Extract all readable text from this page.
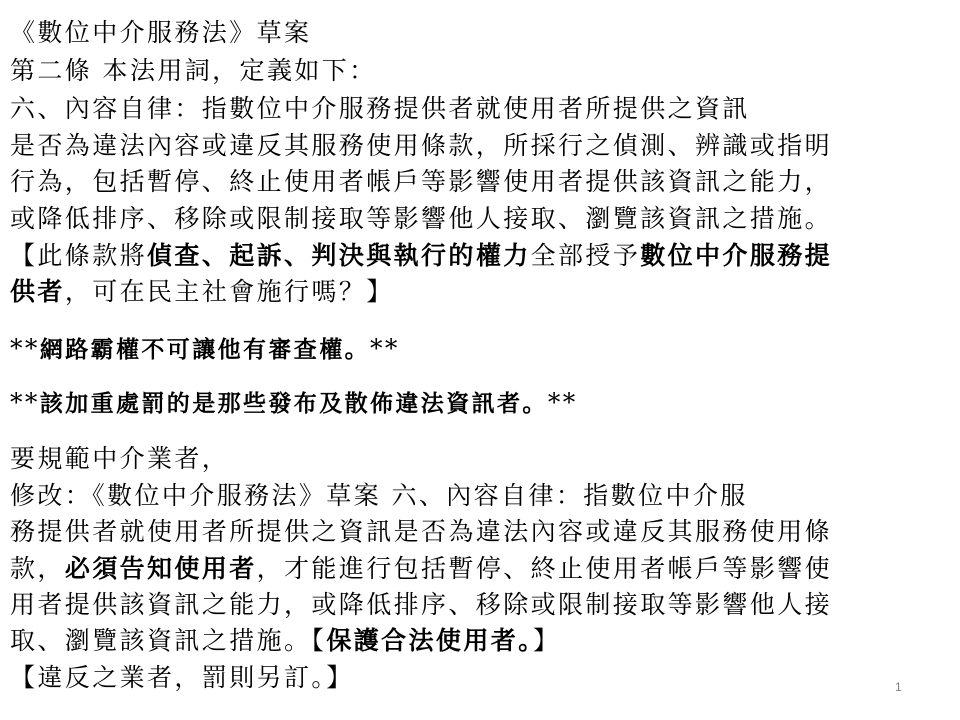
《數位中介服務法》草案
第二條 本法用詞，定義如下：
六、內容自律：指數位中介服務提供者就使用者所提供之資訊
是否為違法內容或違反其服務使用條款，所採行之偵測、辨識或指明
行為，包括暫停、終止使用者帳戶等影響使用者提供該資訊之能力，
或降低排序、移除或限制接取等影響他人接取、瀏覽該資訊之措施。
【此條款將偵查、起訴、判決與執行的權力全部授予數位中介服務提
供者，可在民主社會施行嗎？】
**網路霸權不可讓他有審查權。**
**該加重處罰的是那些發布及散佈違法資訊者。**
要規範中介業者，
修改：《數位中介服務法》草案 六、內容自律：指數位中介服
務提供者就使用者所提供之資訊是否為違法內容或違反其服務使用條
款，必須告知使用者，才能進行包括暫停、終止使用者帳戶等影響使
用者提供該資訊之能力，或降低排序、移除或限制接取等影響他人接
取、瀏覽該資訊之措施。【保護合法使用者。】
【違反之業者，罰則另訂。】	1
